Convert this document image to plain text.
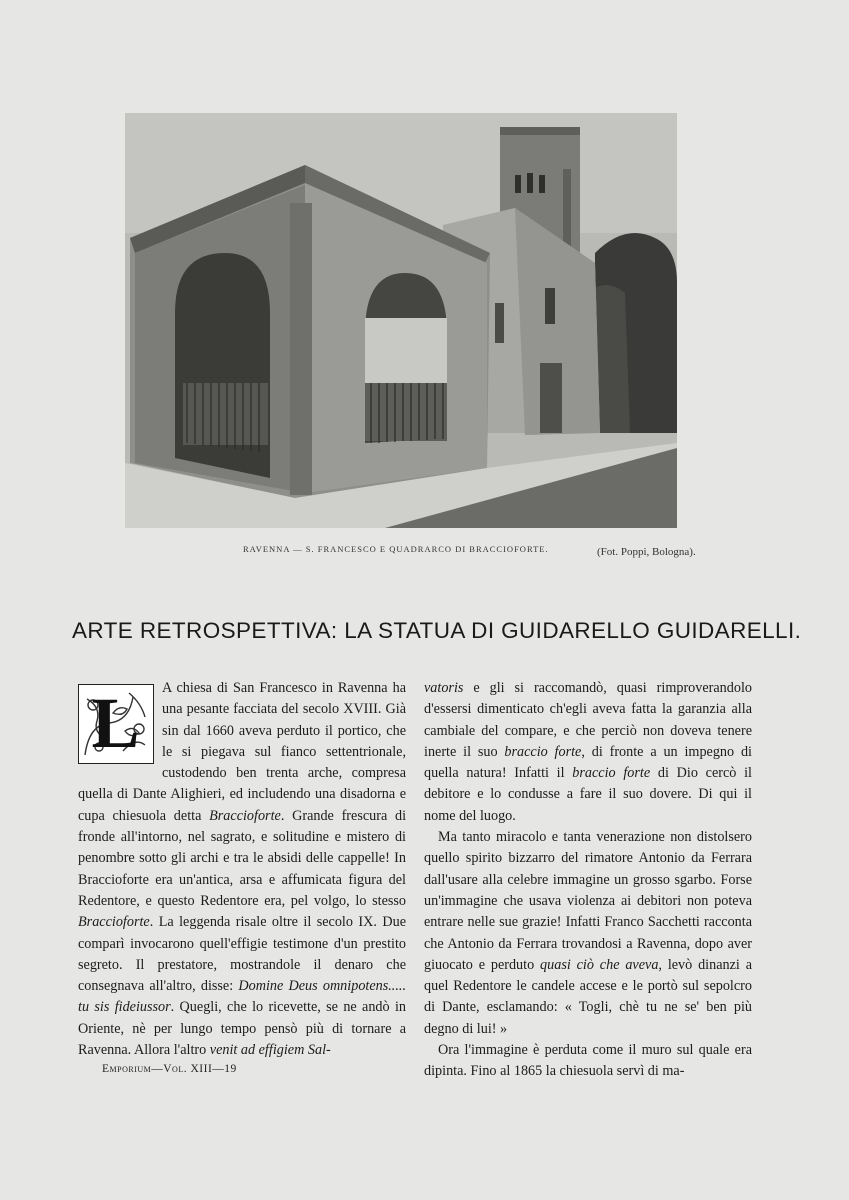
RAVENNA — S. FRANCESCO E QUADRARCO DI BRACCIOFORTE.	(Fot. Poppi, Bologna).
ARTE RETROSPETTIVA: LA STATUA DI GUIDARELLO GUIDARELLI.

L	A chiesa di San Francesco in Ravenna ha una pesante facciata del secolo XVIII. Già sin dal 1660 aveva perduto il portico, che le si piegava sul fianco settentrionale, custodendo ben trenta arche, compresa quella di Dante Alighieri, ed includendo una disadorna e cupa chiesuola detta Braccioforte. Grande frescura di fronde all'intorno, nel sagrato, e solitudine e mistero di penombre sotto gli archi e tra le absidi delle cappelle! In Braccioforte era un'antica, arsa e affumicata figura del Redentore, e questo Redentore era, pel volgo, lo stesso Braccioforte. La leggenda risale oltre il secolo IX. Due comparì invocarono quell'effigie testimone d'un prestito segreto. Il prestatore, mostrandole il denaro che consegnava all'altro, disse: Domine Deus omnipotens..... tu sis fideiussor. Quegli, che lo ricevette, se ne andò in Oriente, nè per lungo tempo pensò più di tornare a Ravenna. Allora l'altro venit ad effigiem Sal-

vatoris e gli si raccomandò, quasi rimproverandolo d'essersi dimenticato ch'egli aveva fatta la garanzia alla cambiale del compare, e che perciò non doveva tenere inerte il suo braccio forte, di fronte a un impegno di quella natura! Infatti il braccio forte di Dio cercò il debitore e lo condusse a fare il suo dovere. Di qui il nome del luogo.

Ma tanto miracolo e tanta venerazione non distolsero quello spirito bizzarro del rimatore Antonio da Ferrara dall'usare alla celebre immagine un grosso sgarbo. Forse un'immagine che usava violenza ai debitori non poteva entrare nelle sue grazie! Infatti Franco Sacchetti racconta che Antonio da Ferrara trovandosi a Ravenna, dopo aver giuocato e perduto quasi ciò che aveva, levò dinanzi a quel Redentore le candele accese e le portò sul sepolcro di Dante, esclamando: « Togli, chè tu ne se' ben più degno di lui! »

Ora l'immagine è perduta come il muro sul quale era dipinta. Fino al 1865 la chiesuola servì di ma-

Emporium—Vol. XIII—19
